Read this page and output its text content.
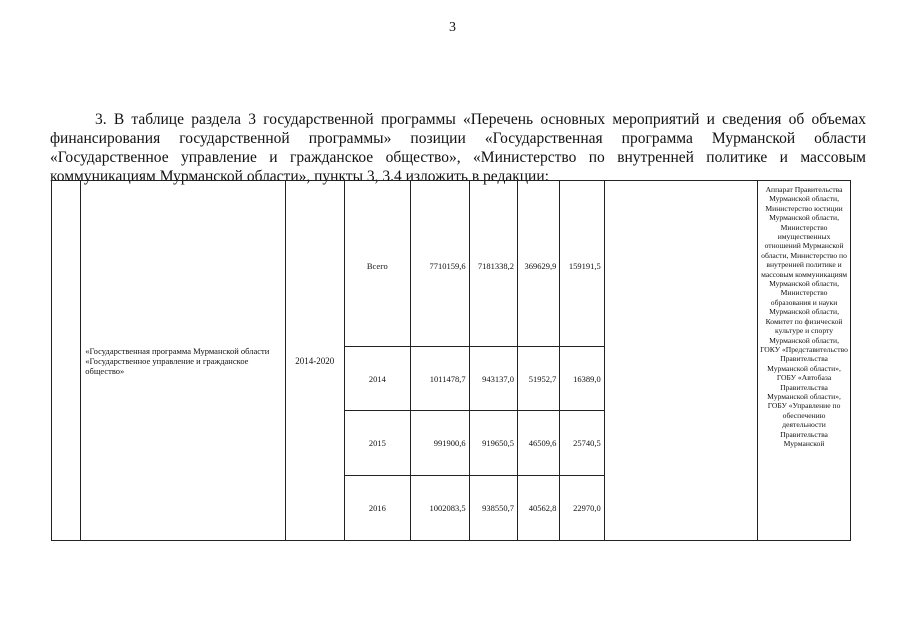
3
3. В таблице раздела 3 государственной программы «Перечень основных мероприятий и сведения об объемах
финансирования государственной программы» позиции «Государственная программа Мурманской области
«Государственное управление и гражданское общество», «Министерство по внутренней политике и массовым
коммуникациям Мурманской области», пункты 3, 3.4 изложить в редакции:
	«Государственная программа Мурманской области «Государственное управление и гражданское общество»	2014-2020	Всего	7710159,6	7181338,2	369629,9	159191,5		Аппарат Правительства Мурманской области, Министерство юстиции Мурманской области, Министерство имущественных отношений Мурманской области, Министерство по внутренней политике и массовым коммуникациям Мурманской области, Министерство образования и науки Мурманской области, Комитет по физической культуре и спорту Мурманской области, ГОКУ «Представительство Правительства Мурманской области», ГОБУ «Автобаза Правительства Мурманской области», ГОБУ «Управление по обеспечению деятельности Правительства Мурманской
			2014	1011478,7	943137,0	51952,7	16389,0		
			2015	991900,6	919650,5	46509,6	25740,5		
			2016	1002083,5	938550,7	40562,8	22970,0		
